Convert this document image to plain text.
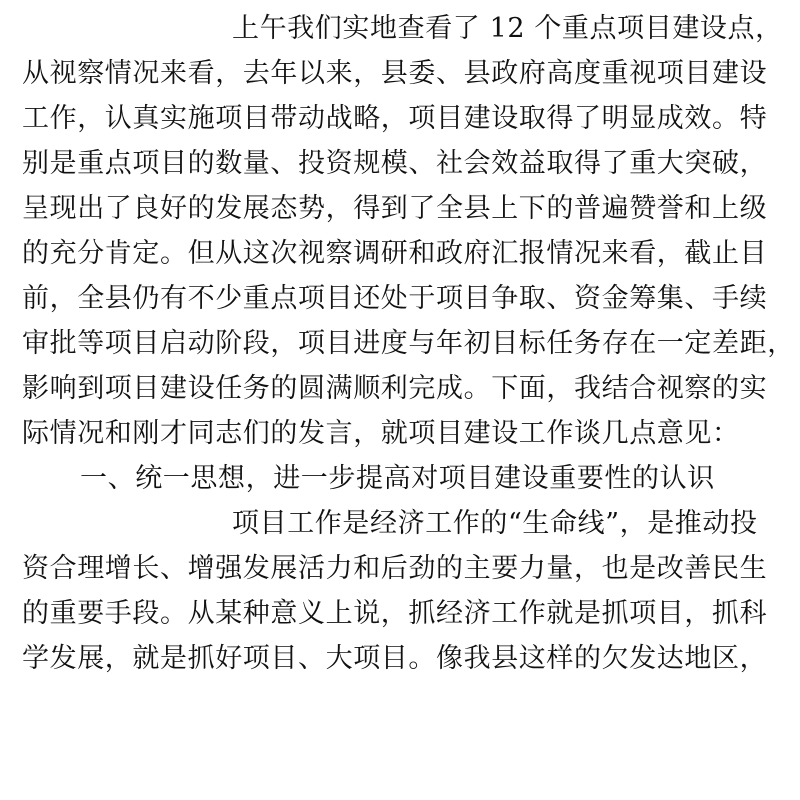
上午我们实地查看了 12 个重点项目建设点，
从视察情况来看，去年以来，县委、县政府高度重视项目建设
工作，认真实施项目带动战略，项目建设取得了明显成效。特
别是重点项目的数量、投资规模、社会效益取得了重大突破，
呈现出了良好的发展态势，得到了全县上下的普遍赞誉和上级
的充分肯定。但从这次视察调研和政府汇报情况来看，截止目
前，全县仍有不少重点项目还处于项目争取、资金筹集、手续
审批等项目启动阶段，项目进度与年初目标任务存在一定差距，
影响到项目建设任务的圆满顺利完成。下面，我结合视察的实
际情况和刚才同志们的发言，就项目建设工作谈几点意见：
一、统一思想，进一步提高对项目建设重要性的认识
项目工作是经济工作的“生命线”，是推动投
资合理增长、增强发展活力和后劲的主要力量，也是改善民生
的重要手段。从某种意义上说，抓经济工作就是抓项目，抓科
学发展，就是抓好项目、大项目。像我县这样的欠发达地区，
